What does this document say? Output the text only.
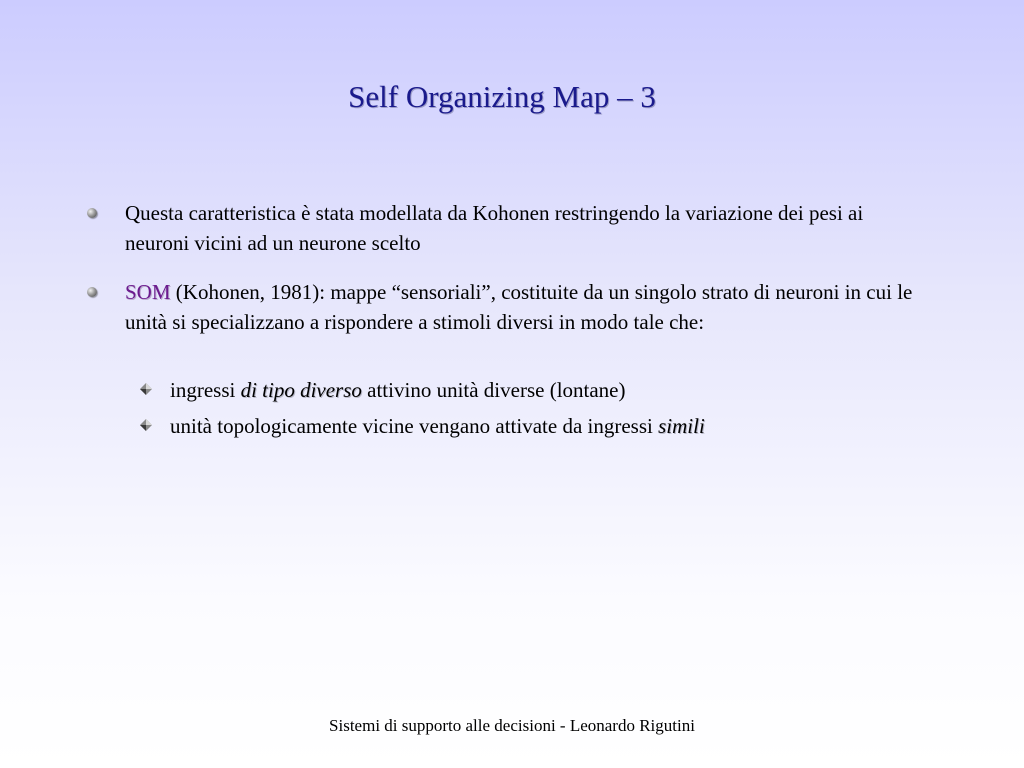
Self Organizing Map – 3
Questa caratteristica è stata modellata da Kohonen restringendo la variazione dei pesi ai neuroni vicini ad un neurone scelto
SOM (Kohonen, 1981): mappe “sensoriali”, costituite da un singolo strato di neuroni in cui le unità si specializzano a rispondere a stimoli diversi in modo tale che:
ingressi di tipo diverso attivino unità diverse (lontane)
unità topologicamente vicine vengano attivate da ingressi simili
Sistemi di supporto alle decisioni - Leonardo Rigutini
